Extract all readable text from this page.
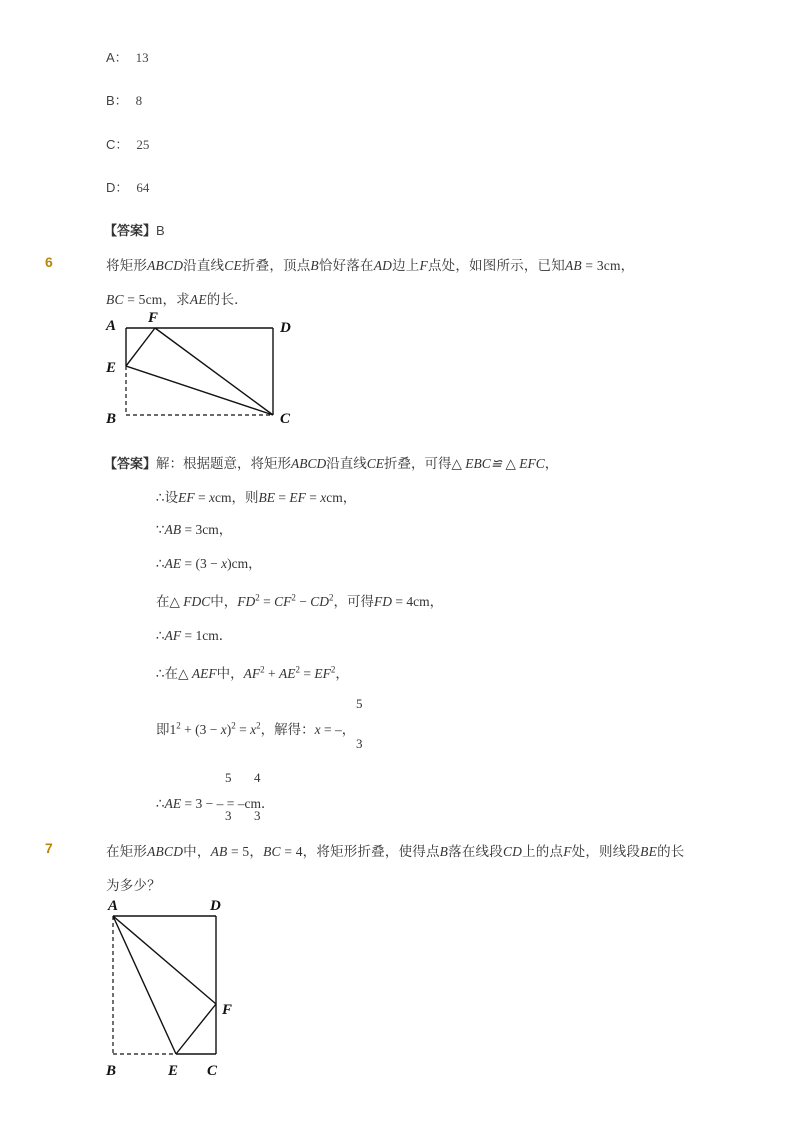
A： 13
B： 8
C： 25
D： 64
【答案】B
6	将矩形ABCD沿直线CE折叠，顶点B恰好落在AD边上F点处，如图所示，已知AB = 3cm，
BC = 5cm，求AE的长．
A F
D
E
B	C
【答案】解：根据题意，将矩形ABCD沿直线CE折叠，可得△ EBC≌ △ EFC，
∴设EF = xcm，则BE = EF = xcm，
∵AB = 3cm，
∴AE = (3 − x)cm，
在△ FDC中，$FD^2 = CF^2 - CD^2$，可得FD = 4cm，
∴AF = 1cm．
∴在△ AEF中，$AF^2 + AE^2 = EF^2$，
即$1^2 + (3 - x)^2 = x^2$，解得：x = –，
5
3
∴AE = 3 − – = –cm．
5
3
4
3
7	在矩形ABCD中，AB = 5，BC = 4，将矩形折叠，使得点B落在线段CD上的点F处，则线段BE的长
为多少？
A	D
F
B	E C
